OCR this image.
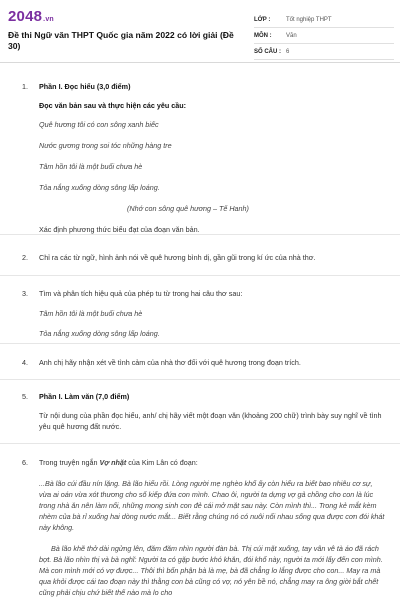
2048.vn
Đề thi Ngữ văn THPT Quốc gia năm 2022 có lời giải (Đề 30)
LỚP :	Tốt nghiệp THPT
MÔN :	Văn
SỐ CÂU : 6
1. Phần I. Đọc hiểu (3,0 điểm)

Đọc văn bản sau và thực hiện các yêu cầu:

Quê hương tôi có con sông xanh biếc

Nước gương trong soi tóc những hàng tre

Tâm hồn tôi là một buổi chưa hè

Tỏa nắng xuống dòng sông lấp loáng.

(Nhớ con sông quê hương – Tế Hanh)

Xác định phương thức biểu đạt của đoạn văn bản.

2. Chỉ ra các từ ngữ, hình ảnh nói về quê hương bình dị, gần gũi trong kí ức của nhà thơ.

3. Tìm và phân tích hiệu quả của phép tu từ trong hai câu thơ sau:

Tâm hồn tôi là một buổi chưa hè

Tỏa nắng xuống dòng sông lấp loáng.

4. Anh chị hãy nhận xét về tình cảm của nhà thơ đối với quê hương trong đoạn trích.

5. Phần I. Làm văn (7,0 điểm)

Từ nội dung của phần đọc hiểu, anh/ chị hãy viết một đoạn văn (khoảng 200 chữ) trình bày suy nghĩ về tình yêu quê hương đất nước.

6. Trong truyện ngắn Vợ nhặt của Kim Lân có đoạn:

...Bà lão cúi đầu nín lặng. Bà lão hiểu rồi. Lòng người mẹ nghèo khổ ấy còn hiểu ra biết bao nhiêu cơ sự, vừa ai oán vừa xót thương cho số kiếp đứa con mình. Chao ôi, người ta dựng vợ gả chồng cho con là lúc trong nhà ăn nên làm nổi, những mong sinh con đẻ cái mở mặt sau này. Còn mình thì... Trong kẻ mắt kèm nhèm của bà rỉ xuống hai dòng nước mắt... Biết rằng chúng nó có nuôi nổi nhau sống qua được cơn đói khát này không.

Bà lão khẽ thở dài ngửng lên, đăm đăm nhìn người đàn bà. Thị cúi mặt xuống, tay vân vê tà áo đã rách bợt. Bà lão nhìn thị và bà nghĩ: Người ta có gặp bước khó khăn, đói khổ này, người ta mới lấy đến con mình. Mà con mình mới có vợ được... Thôi thì bổn phận bà là mẹ, bà đã chẳng lo lắng được cho con... May ra mà qua khỏi được cái tao đoạn này thì thằng con bà cũng có vợ, nó yên bề nó, chẳng may ra ông giời bắt chết cũng phải chịu chứ biết thế nào mà lo cho
